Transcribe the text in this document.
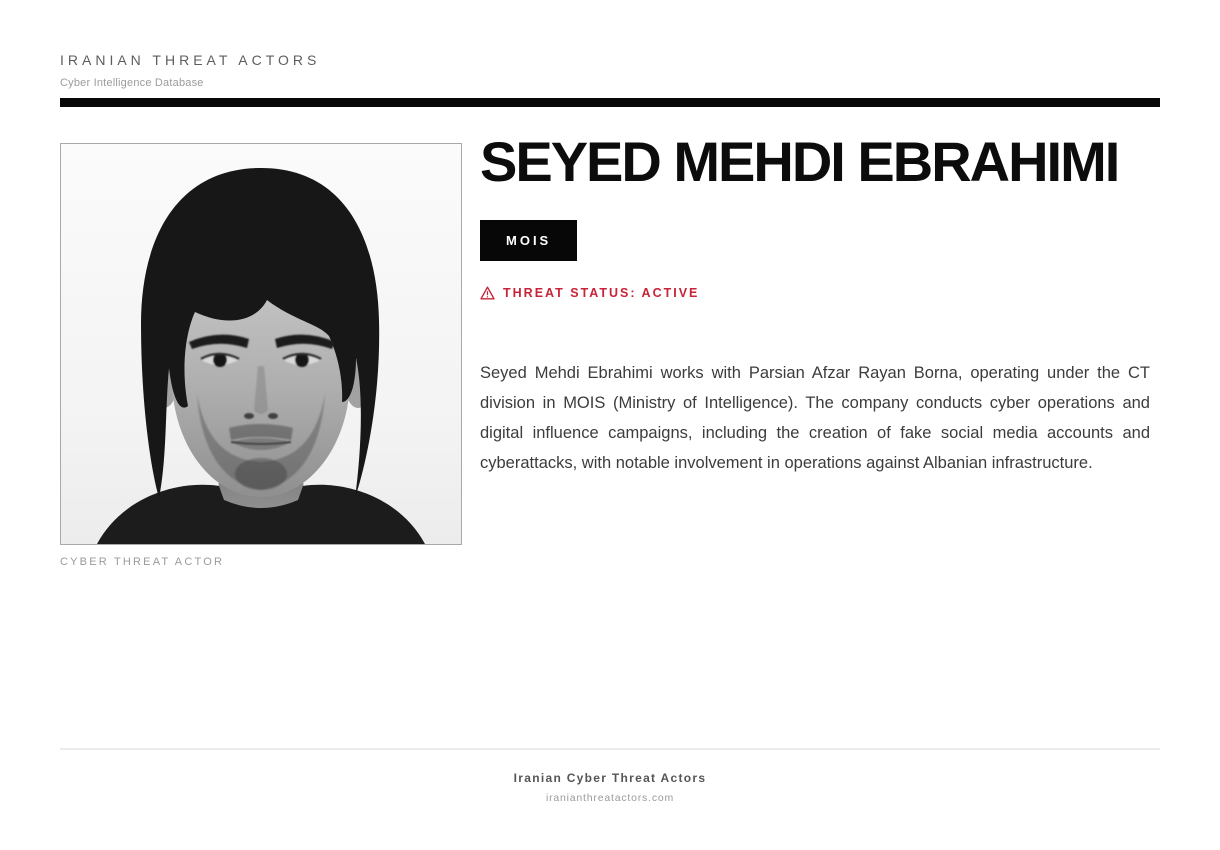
IRANIAN THREAT ACTORS
Cyber Intelligence Database
CYBER THREAT ACTOR
SEYED MEHDI EBRAHIMI
MOIS
THREAT STATUS: ACTIVE

Seyed Mehdi Ebrahimi works with Parsian Afzar Rayan Borna, operating under the CT division in MOIS (Ministry of Intelligence). The company conducts cyber operations and digital influence campaigns, including the creation of fake social media accounts and cyberattacks, with notable involvement in operations against Albanian infrastructure.

Iranian Cyber Threat Actors
iranianthreatactors.com
